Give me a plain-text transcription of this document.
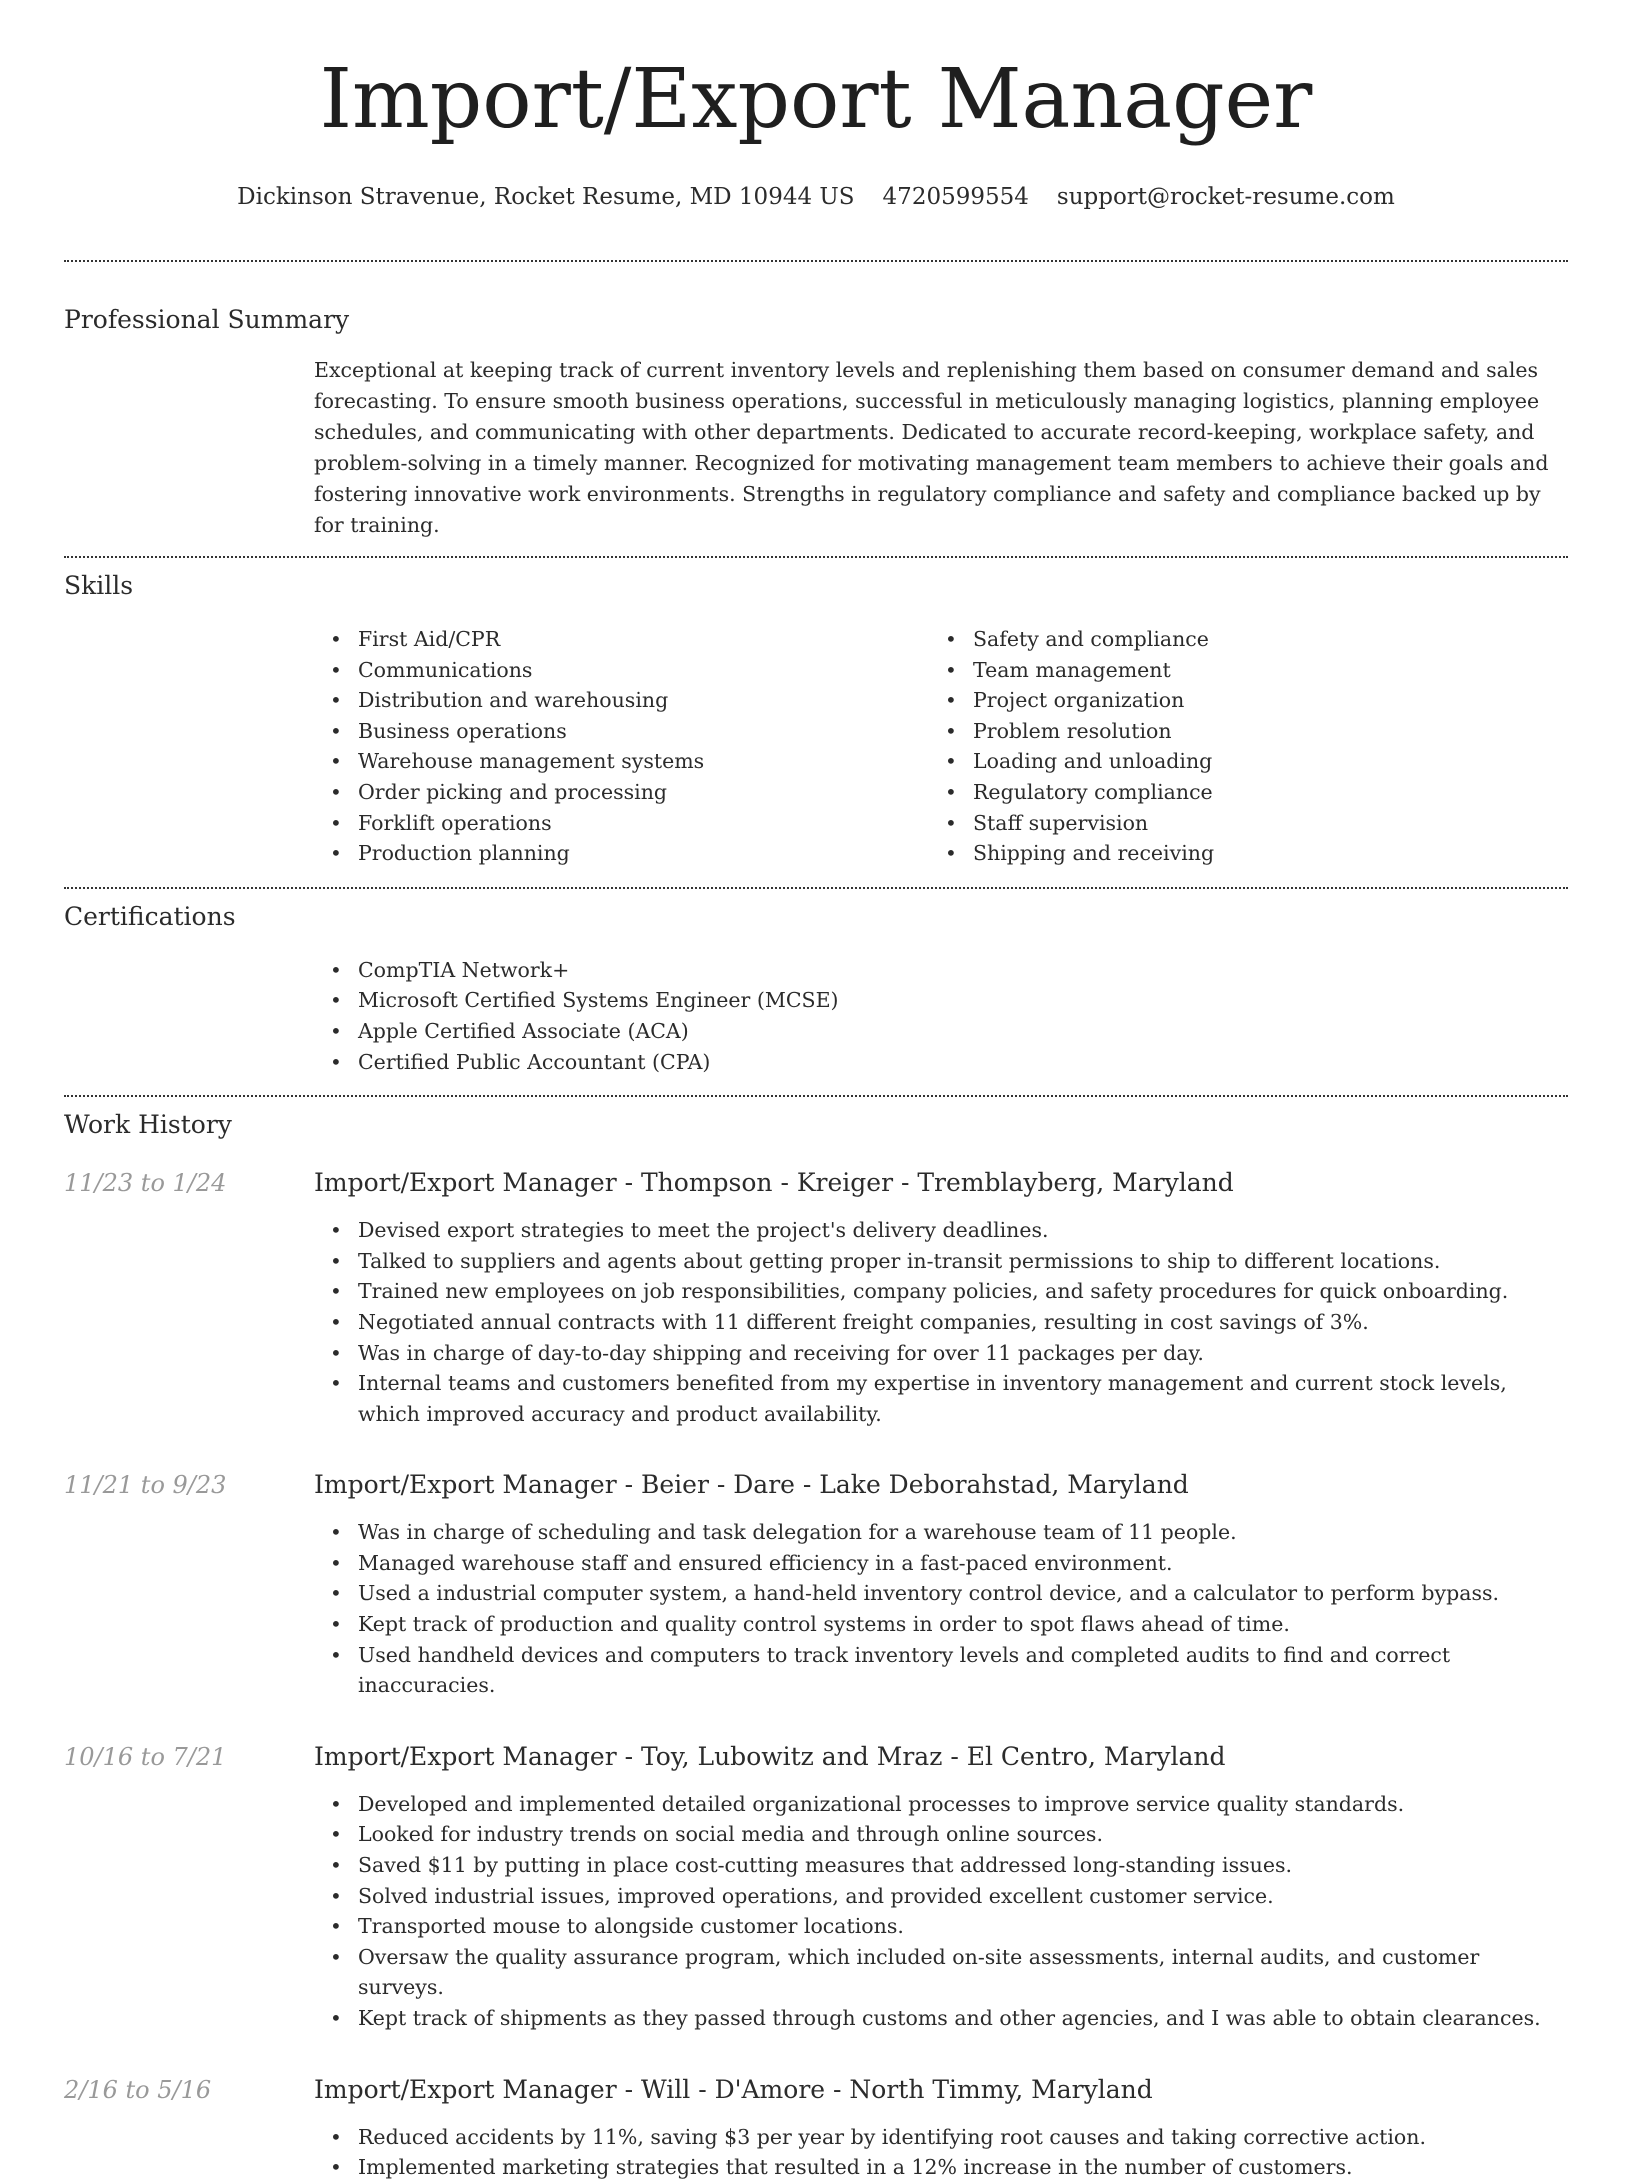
Import/Export Manager
Dickinson Stravenue, Rocket Resume, MD 10944 US 4720599554 support@rocket-resume.com
Professional Summary

Exceptional at keeping track of current inventory levels and replenishing them based on consumer demand and sales forecasting. To ensure smooth business operations, successful in meticulously managing logistics, planning employee schedules, and communicating with other departments. Dedicated to accurate record-keeping, workplace safety, and problem-solving in a timely manner. Recognized for motivating management team members to achieve their goals and fostering innovative work environments. Strengths in regulatory compliance and safety and compliance backed up by for training.

Skills
• First Aid/CPR
• Communications
• Distribution and warehousing
• Business operations
• Warehouse management systems
• Order picking and processing
• Forklift operations
• Production planning
• Safety and compliance
• Team management
• Project organization
• Problem resolution
• Loading and unloading
• Regulatory compliance
• Staff supervision
• Shipping and receiving
Certifications
• CompTIA Network+
• Microsoft Certified Systems Engineer (MCSE)
• Apple Certified Associate (ACA)
• Certified Public Accountant (CPA)
Work History
11/23 to 1/24	Import/Export Manager - Thompson - Kreiger - Tremblayberg, Maryland
• Devised export strategies to meet the project's delivery deadlines.
• Talked to suppliers and agents about getting proper in-transit permissions to ship to different locations.
• Trained new employees on job responsibilities, company policies, and safety procedures for quick onboarding.
• Negotiated annual contracts with 11 different freight companies, resulting in cost savings of 3%.
• Was in charge of day-to-day shipping and receiving for over 11 packages per day.
• Internal teams and customers benefited from my expertise in inventory management and current stock levels, which improved accuracy and product availability.
11/21 to 9/23	Import/Export Manager - Beier - Dare - Lake Deborahstad, Maryland
• Was in charge of scheduling and task delegation for a warehouse team of 11 people.
• Managed warehouse staff and ensured efficiency in a fast-paced environment.
• Used a industrial computer system, a hand-held inventory control device, and a calculator to perform bypass.
• Kept track of production and quality control systems in order to spot flaws ahead of time.
• Used handheld devices and computers to track inventory levels and completed audits to find and correct inaccuracies.
10/16 to 7/21	Import/Export Manager - Toy, Lubowitz and Mraz - El Centro, Maryland
• Developed and implemented detailed organizational processes to improve service quality standards.
• Looked for industry trends on social media and through online sources.
• Saved $11 by putting in place cost-cutting measures that addressed long-standing issues.
• Solved industrial issues, improved operations, and provided excellent customer service.
• Transported mouse to alongside customer locations.
• Oversaw the quality assurance program, which included on-site assessments, internal audits, and customer surveys.
• Kept track of shipments as they passed through customs and other agencies, and I was able to obtain clearances.
2/16 to 5/16	Import/Export Manager - Will - D'Amore - North Timmy, Maryland
• Reduced accidents by 11%, saving $3 per year by identifying root causes and taking corrective action.
• Implemented marketing strategies that resulted in a 12% increase in the number of customers.
